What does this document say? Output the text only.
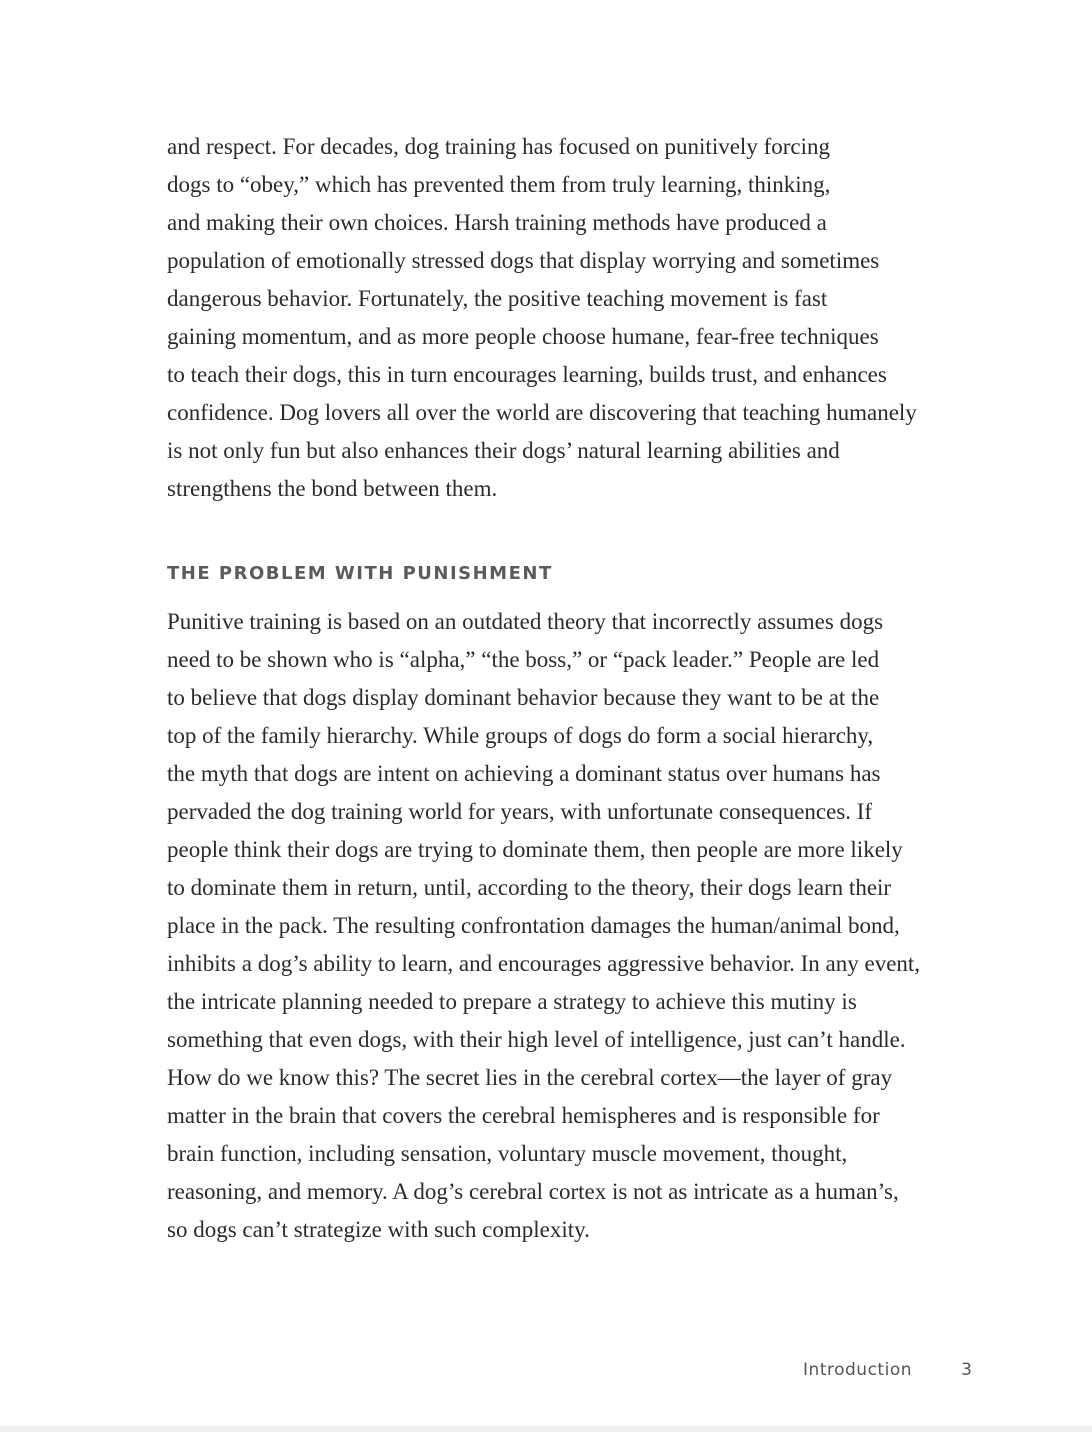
and respect. For decades, dog training has focused on punitively forcing
dogs to “obey,” which has prevented them from truly learning, thinking,
and making their own choices. Harsh training methods have produced a
population of emotionally stressed dogs that display worrying and sometimes
dangerous behavior. Fortunately, the positive teaching movement is fast
gaining momentum, and as more people choose humane, fear-free techniques
to teach their dogs, this in turn encourages learning, builds trust, and enhances
confidence. Dog lovers all over the world are discovering that teaching humanely
is not only fun but also enhances their dogs’ natural learning abilities and
strengthens the bond between them.

THE PROBLEM WITH PUNISHMENT

Punitive training is based on an outdated theory that incorrectly assumes dogs
need to be shown who is “alpha,” “the boss,” or “pack leader.” People are led
to believe that dogs display dominant behavior because they want to be at the
top of the family hierarchy. While groups of dogs do form a social hierarchy,
the myth that dogs are intent on achieving a dominant status over humans has
pervaded the dog training world for years, with unfortunate consequences. If
people think their dogs are trying to dominate them, then people are more likely
to dominate them in return, until, according to the theory, their dogs learn their
place in the pack. The resulting confrontation damages the human/animal bond,
inhibits a dog’s ability to learn, and encourages aggressive behavior. In any event,
the intricate planning needed to prepare a strategy to achieve this mutiny is
something that even dogs, with their high level of intelligence, just can’t handle.
How do we know this? The secret lies in the cerebral cortex—the layer of gray
matter in the brain that covers the cerebral hemispheres and is responsible for
brain function, including sensation, voluntary muscle movement, thought,
reasoning, and memory. A dog’s cerebral cortex is not as intricate as a human’s,
so dogs can’t strategize with such complexity.

Introduction	3
